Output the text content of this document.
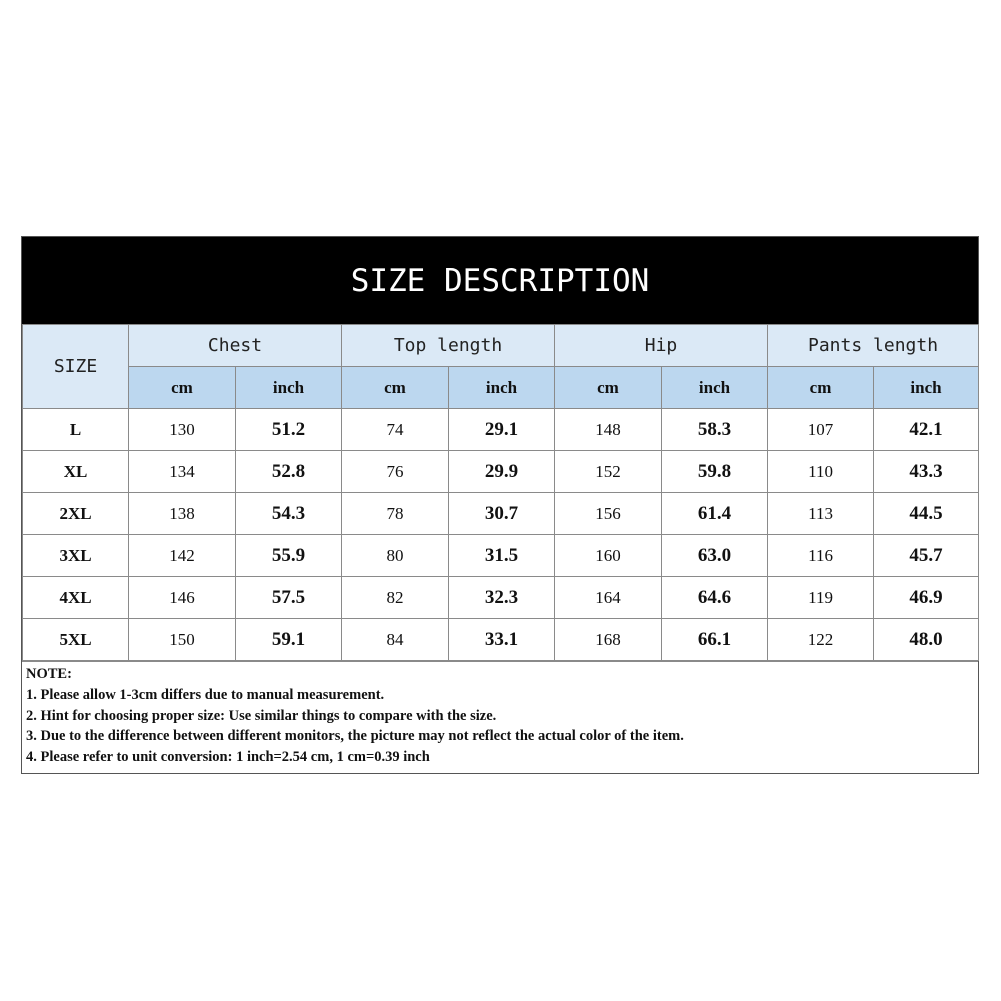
SIZE DESCRIPTION
SIZE	Chest		Top length		Hip		Pants length	
	cm	inch	cm	inch	cm	inch	cm	inch
L	130	51.2	74	29.1	148	58.3	107	42.1
XL	134	52.8	76	29.9	152	59.8	110	43.3
2XL	138	54.3	78	30.7	156	61.4	113	44.5
3XL	142	55.9	80	31.5	160	63.0	116	45.7
4XL	146	57.5	82	32.3	164	64.6	119	46.9
5XL	150	59.1	84	33.1	168	66.1	122	48.0
NOTE:
1. Please allow 1-3cm differs due to manual measurement.
2. Hint for choosing proper size: Use similar things to compare with the size.
3. Due to the difference between different monitors, the picture may not reflect the actual color of the item.
4. Please refer to unit conversion: 1 inch=2.54 cm, 1 cm=0.39 inch
